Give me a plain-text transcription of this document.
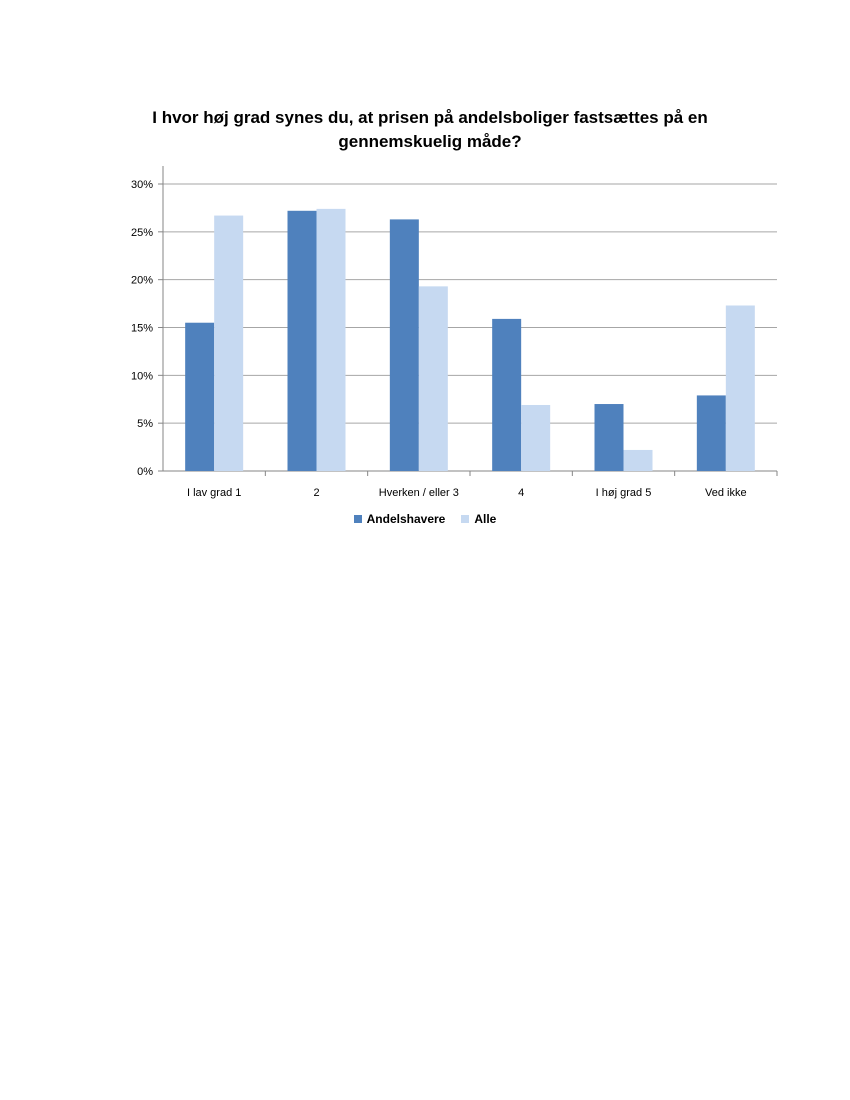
I hvor høj grad synes du, at prisen på andelsboliger fastsættes på en
gennemskuelig måde?
0%
5%
10%
15%
20%
25%
30%
I lav grad 1	2	Hverken / eller 3	4	I høj grad 5	Ved ikke
Andelshavere Alle
